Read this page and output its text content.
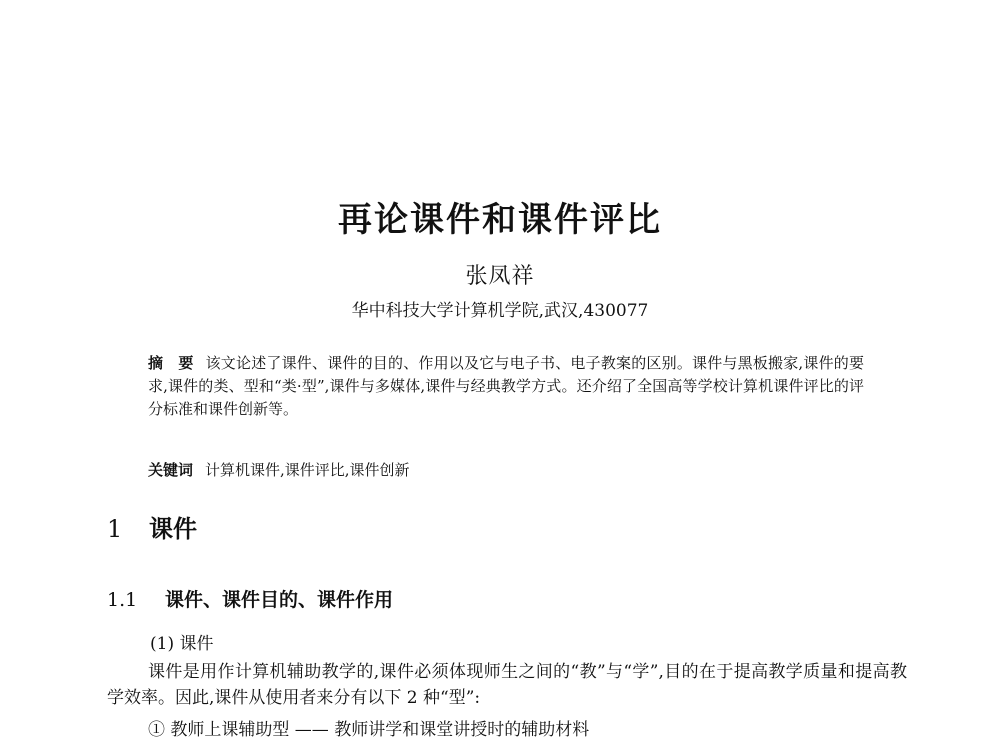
再论课件和课件评比
张凤祥
华中科技大学计算机学院,武汉,430077
摘　要 该文论述了课件、课件的目的、作用以及它与电子书、电子教案的区别。课件与黑板搬家,课件的要求,课件的类、型和“类·型”,课件与多媒体,课件与经典教学方式。还介绍了全国高等学校计算机课件评比的评分标准和课件创新等。
关键词 计算机课件,课件评比,课件创新
1 课件
1.1 课件、课件目的、课件作用
(1) 课件
课件是用作计算机辅助教学的,课件必须体现师生之间的“教”与“学”,目的在于提高教学质量和提高教学效率。因此,课件从使用者来分有以下 2 种“型”:
① 教师上课辅助型 —— 教师讲学和课堂讲授时的辅助材料
